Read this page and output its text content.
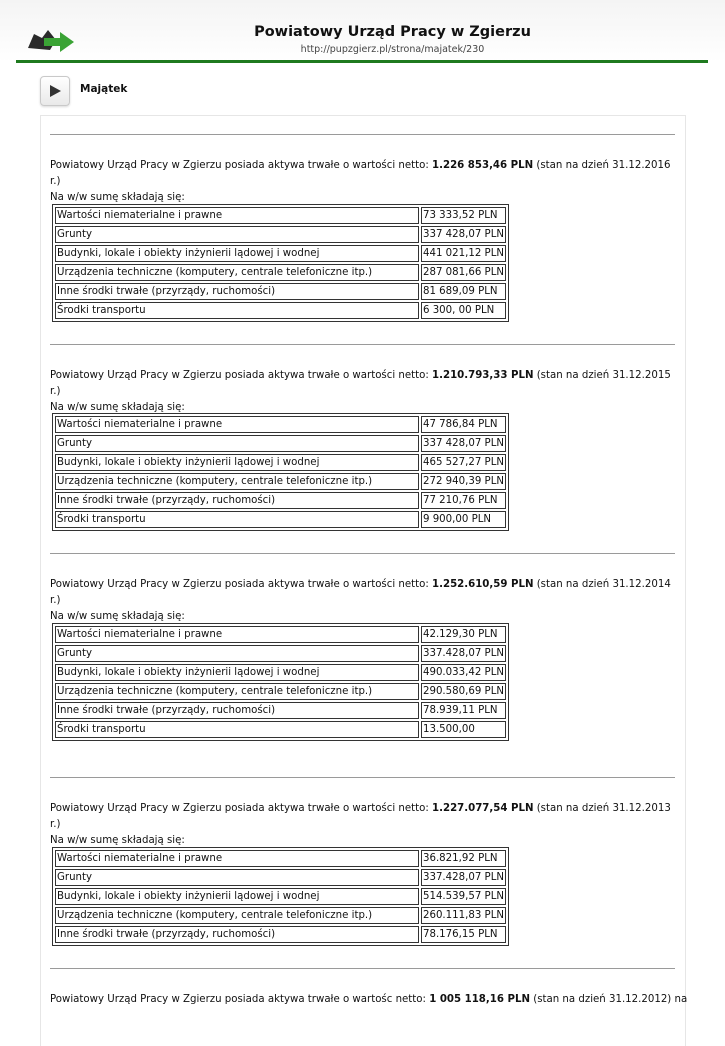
Powiatowy Urząd Pracy w Zgierzu
http://pupzgierz.pl/strona/majatek/230
Majątek
Powiatowy Urząd Pracy w Zgierzu posiada aktywa trwałe o wartości netto: 1.226 853,46 PLN (stan na dzień 31.12.2016 r.)
Na w/w sumę składają się:
Wartości niematerialne i prawne	73 333,52 PLN
Grunty	337 428,07 PLN
Budynki, lokale i obiekty inżynierii lądowej i wodnej	441 021,12 PLN
Urządzenia techniczne (komputery, centrale telefoniczne itp.)	287 081,66 PLN
Inne środki trwałe (przyrządy, ruchomości)	81 689,09 PLN
Środki transportu	6 300, 00 PLN
Powiatowy Urząd Pracy w Zgierzu posiada aktywa trwałe o wartości netto: 1.210.793,33 PLN (stan na dzień 31.12.2015 r.)
Na w/w sumę składają się:
Wartości niematerialne i prawne	47 786,84 PLN
Grunty	337 428,07 PLN
Budynki, lokale i obiekty inżynierii lądowej i wodnej	465 527,27 PLN
Urządzenia techniczne (komputery, centrale telefoniczne itp.)	272 940,39 PLN
Inne środki trwałe (przyrządy, ruchomości)	77 210,76 PLN
Środki transportu	9 900,00 PLN
Powiatowy Urząd Pracy w Zgierzu posiada aktywa trwałe o wartości netto: 1.252.610,59 PLN (stan na dzień 31.12.2014 r.)
Na w/w sumę składają się:
Wartości niematerialne i prawne	42.129,30 PLN
Grunty	337.428,07 PLN
Budynki, lokale i obiekty inżynierii lądowej i wodnej	490.033,42 PLN
Urządzenia techniczne (komputery, centrale telefoniczne itp.)	290.580,69 PLN
Inne środki trwałe (przyrządy, ruchomości)	78.939,11 PLN
Środki transportu	13.500,00
Powiatowy Urząd Pracy w Zgierzu posiada aktywa trwałe o wartości netto: 1.227.077,54 PLN (stan na dzień 31.12.2013 r.)
Na w/w sumę składają się:
Wartości niematerialne i prawne	36.821,92 PLN
Grunty	337.428,07 PLN
Budynki, lokale i obiekty inżynierii lądowej i wodnej	514.539,57 PLN
Urządzenia techniczne (komputery, centrale telefoniczne itp.)	260.111,83 PLN
Inne środki trwałe (przyrządy, ruchomości)	78.176,15 PLN
Powiatowy Urząd Pracy w Zgierzu posiada aktywa trwałe o wartośc netto: 1 005 118,16 PLN (stan na dzień 31.12.2012) na
